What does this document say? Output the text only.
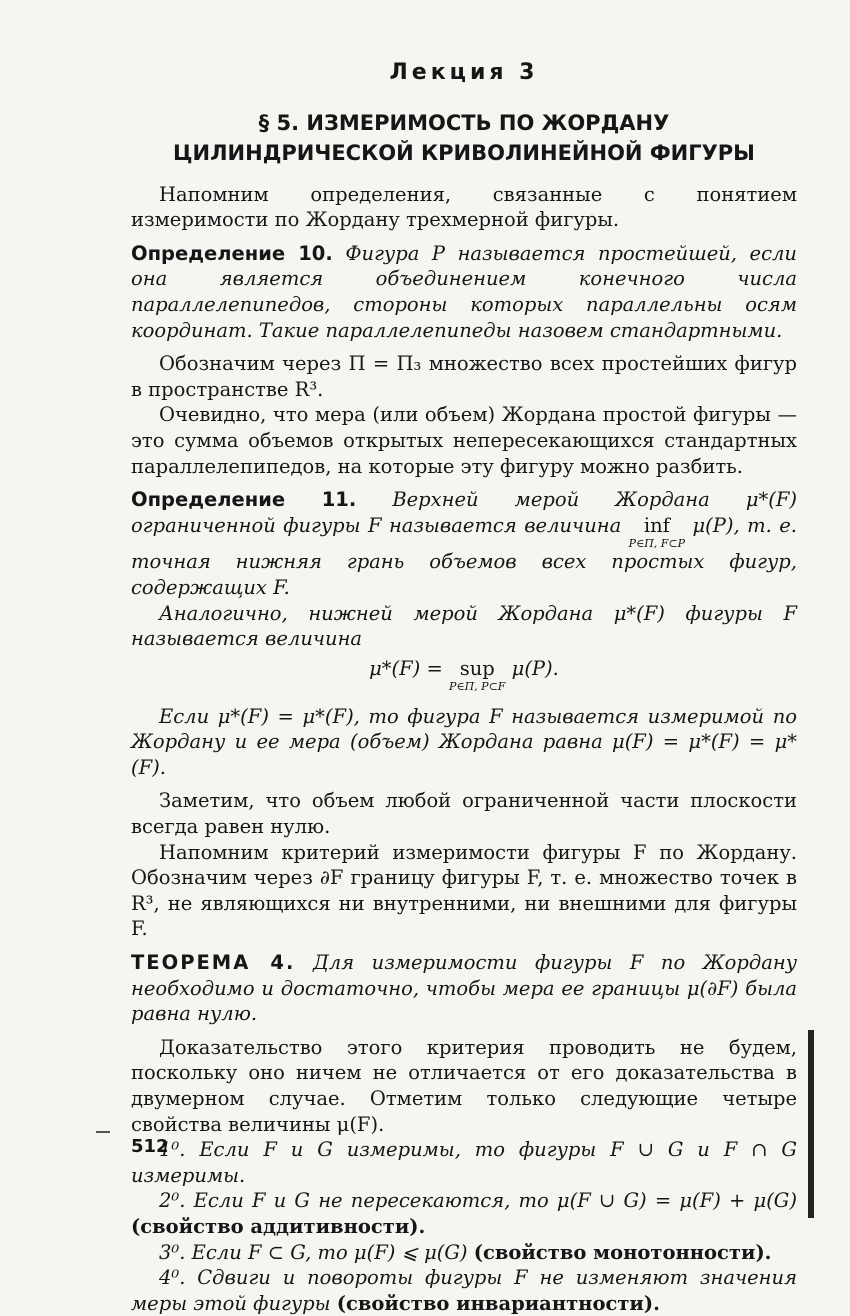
Лекция 3
§ 5. ИЗМЕРИМОСТЬ ПО ЖОРДАНУ
ЦИЛИНДРИЧЕСКОЙ КРИВОЛИНЕЙНОЙ ФИГУРЫ

Напомним определения, связанные с понятием измеримости по Жордану трехмерной фигуры.

Определение 10. Фигура P называется простейшей, если она является объединением конечного числа параллелепипедов, стороны которых параллельны осям координат. Такие параллелепипеды назовем стандартными.

Обозначим через Π = Π₃ множество всех простейших фигур в пространстве R³.

Очевидно, что мера (или объем) Жордана простой фигуры — это сумма объемов открытых непересекающихся стандартных параллелепипедов, на которые эту фигуру можно разбить.

Определение 11. Верхней мерой Жордана μ*(F) ограниченной фигуры F называется величина inf
P∈Π, F⊂P
μ(P), т. е. точная нижняя грань объемов всех простых фигур, содержащих F.

Аналогично, нижней мерой Жордана μ*(F) фигуры F называется величина

μ*(F) = sup
P∈Π, P⊂F
μ(P).

Если μ*(F) = μ*(F), то фигура F называется измеримой по Жордану и ее мера (объем) Жордана равна μ(F) = μ*(F) = μ*(F).

Заметим, что объем любой ограниченной части плоскости всегда равен нулю.

Напомним критерий измеримости фигуры F по Жордану. Обозначим через ∂F границу фигуры F, т. е. множество точек в R³, не являющихся ни внутренними, ни внешними для фигуры F.

ТЕОРЕМА 4. Для измеримости фигуры F по Жордану необходимо и достаточно, чтобы мера ее границы μ(∂F) была равна нулю.

Доказательство этого критерия проводить не будем, поскольку оно ничем не отличается от его доказательства в двумерном случае. Отметим только следующие четыре свойства величины μ(F).

1⁰. Если F и G измеримы, то фигуры F ∪ G и F ∩ G измеримы.

2⁰. Если F и G не пересекаются, то μ(F ∪ G) = μ(F) + μ(G) (свойство аддитивности).

3⁰. Если F ⊂ G, то μ(F) ⩽ μ(G) (свойство монотонности).

4⁰. Сдвиги и повороты фигуры F не изменяют значения меры этой фигуры (свойство инвариантности).

512
